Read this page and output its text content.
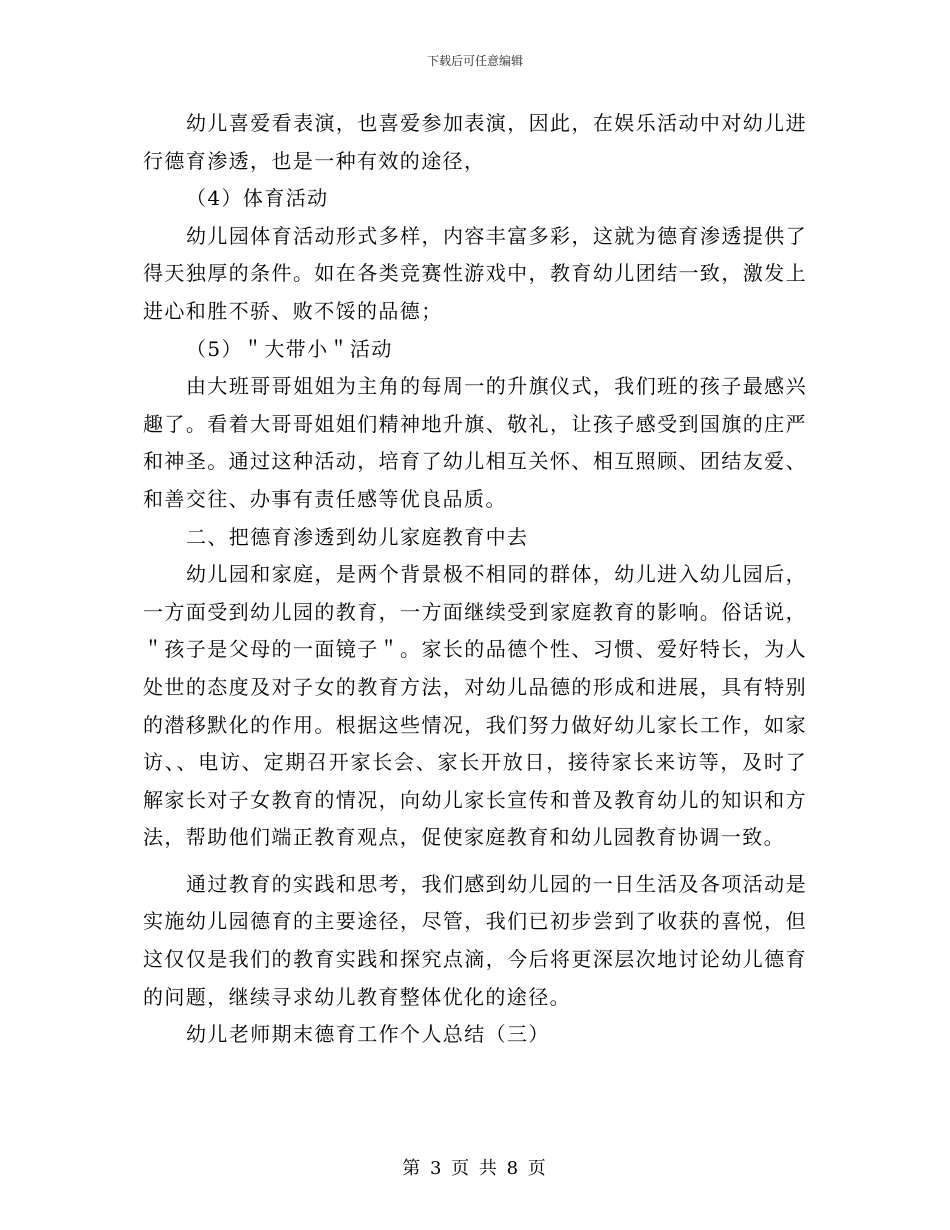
下载后可任意编辑

幼儿喜爱看表演，也喜爱参加表演，因此，在娱乐活动中对幼儿进行德育渗透，也是一种有效的途径，

（4）体育活动

幼儿园体育活动形式多样，内容丰富多彩，这就为德育渗透提供了得天独厚的条件。如在各类竞赛性游戏中，教育幼儿团结一致，激发上进心和胜不骄、败不馁的品德；

（5）＂大带小＂活动

由大班哥哥姐姐为主角的每周一的升旗仪式，我们班的孩子最感兴趣了。看着大哥哥姐姐们精神地升旗、敬礼，让孩子感受到国旗的庄严和神圣。通过这种活动，培育了幼儿相互关怀、相互照顾、团结友爱、和善交往、办事有责任感等优良品质。

二、把德育渗透到幼儿家庭教育中去

幼儿园和家庭，是两个背景极不相同的群体，幼儿进入幼儿园后，一方面受到幼儿园的教育，一方面继续受到家庭教育的影响。俗话说，＂孩子是父母的一面镜子＂。家长的品德个性、习惯、爱好特长，为人处世的态度及对子女的教育方法，对幼儿品德的形成和进展，具有特别的潜移默化的作用。根据这些情况，我们努力做好幼儿家长工作，如家访、、电访、定期召开家长会、家长开放日，接待家长来访等，及时了解家长对子女教育的情况，向幼儿家长宣传和普及教育幼儿的知识和方法，帮助他们端正教育观点，促使家庭教育和幼儿园教育协调一致。

通过教育的实践和思考，我们感到幼儿园的一日生活及各项活动是实施幼儿园德育的主要途径，尽管，我们已初步尝到了收获的喜悦，但这仅仅是我们的教育实践和探究点滴，今后将更深层次地讨论幼儿德育的问题，继续寻求幼儿教育整体优化的途径。

幼儿老师期末德育工作个人总结（三）

第 3 页 共 8 页
